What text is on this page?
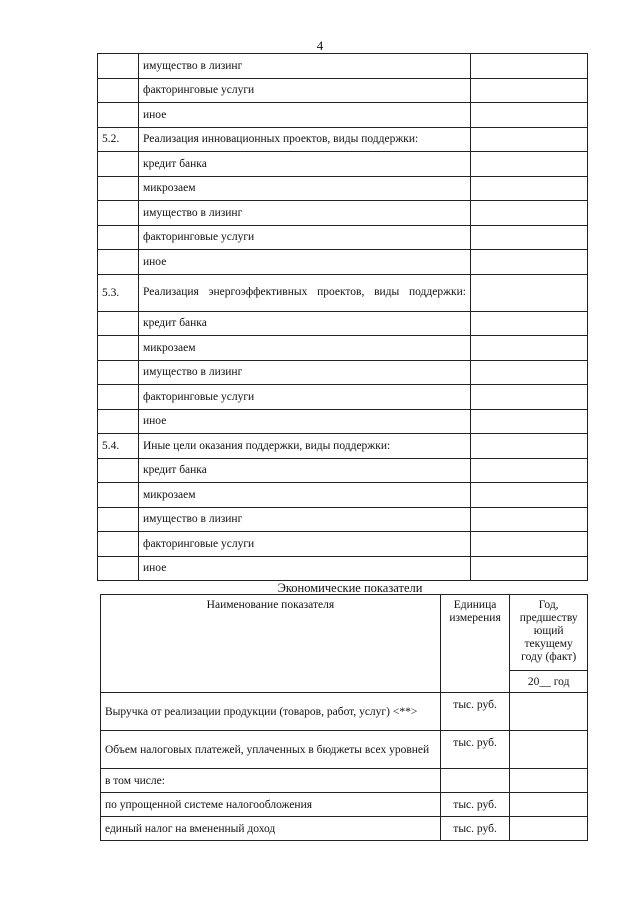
4
	имущество в лизинг	
	факторинговые услуги	
	иное	
5.2.	Реализация инновационных проектов, виды поддержки:	
	кредит банка	
	микрозаем	
	имущество в лизинг	
	факторинговые услуги	
	иное	
5.3.	Реализация энергоэффективных проектов, виды поддержки:	
	кредит банка	
	микрозаем	
	имущество в лизинг	
	факторинговые услуги	
	иное	
5.4.	Иные цели оказания поддержки, виды поддержки:	
	кредит банка	
	микрозаем	
	имущество в лизинг	
	факторинговые услуги	
	иное	
Экономические показатели
Наименование показателя	Единица измерения	Год, предшеству ющий текущему году (факт)
		20__ год
Выручка от реализации продукции (товаров, работ, услуг) <**>	тыс. руб.	
Объем налоговых платежей, уплаченных в бюджеты всех уровней	тыс. руб.	
в том числе:		
по упрощенной системе налогообложения	тыс. руб.	
единый налог на вмененный доход	тыс. руб.	
